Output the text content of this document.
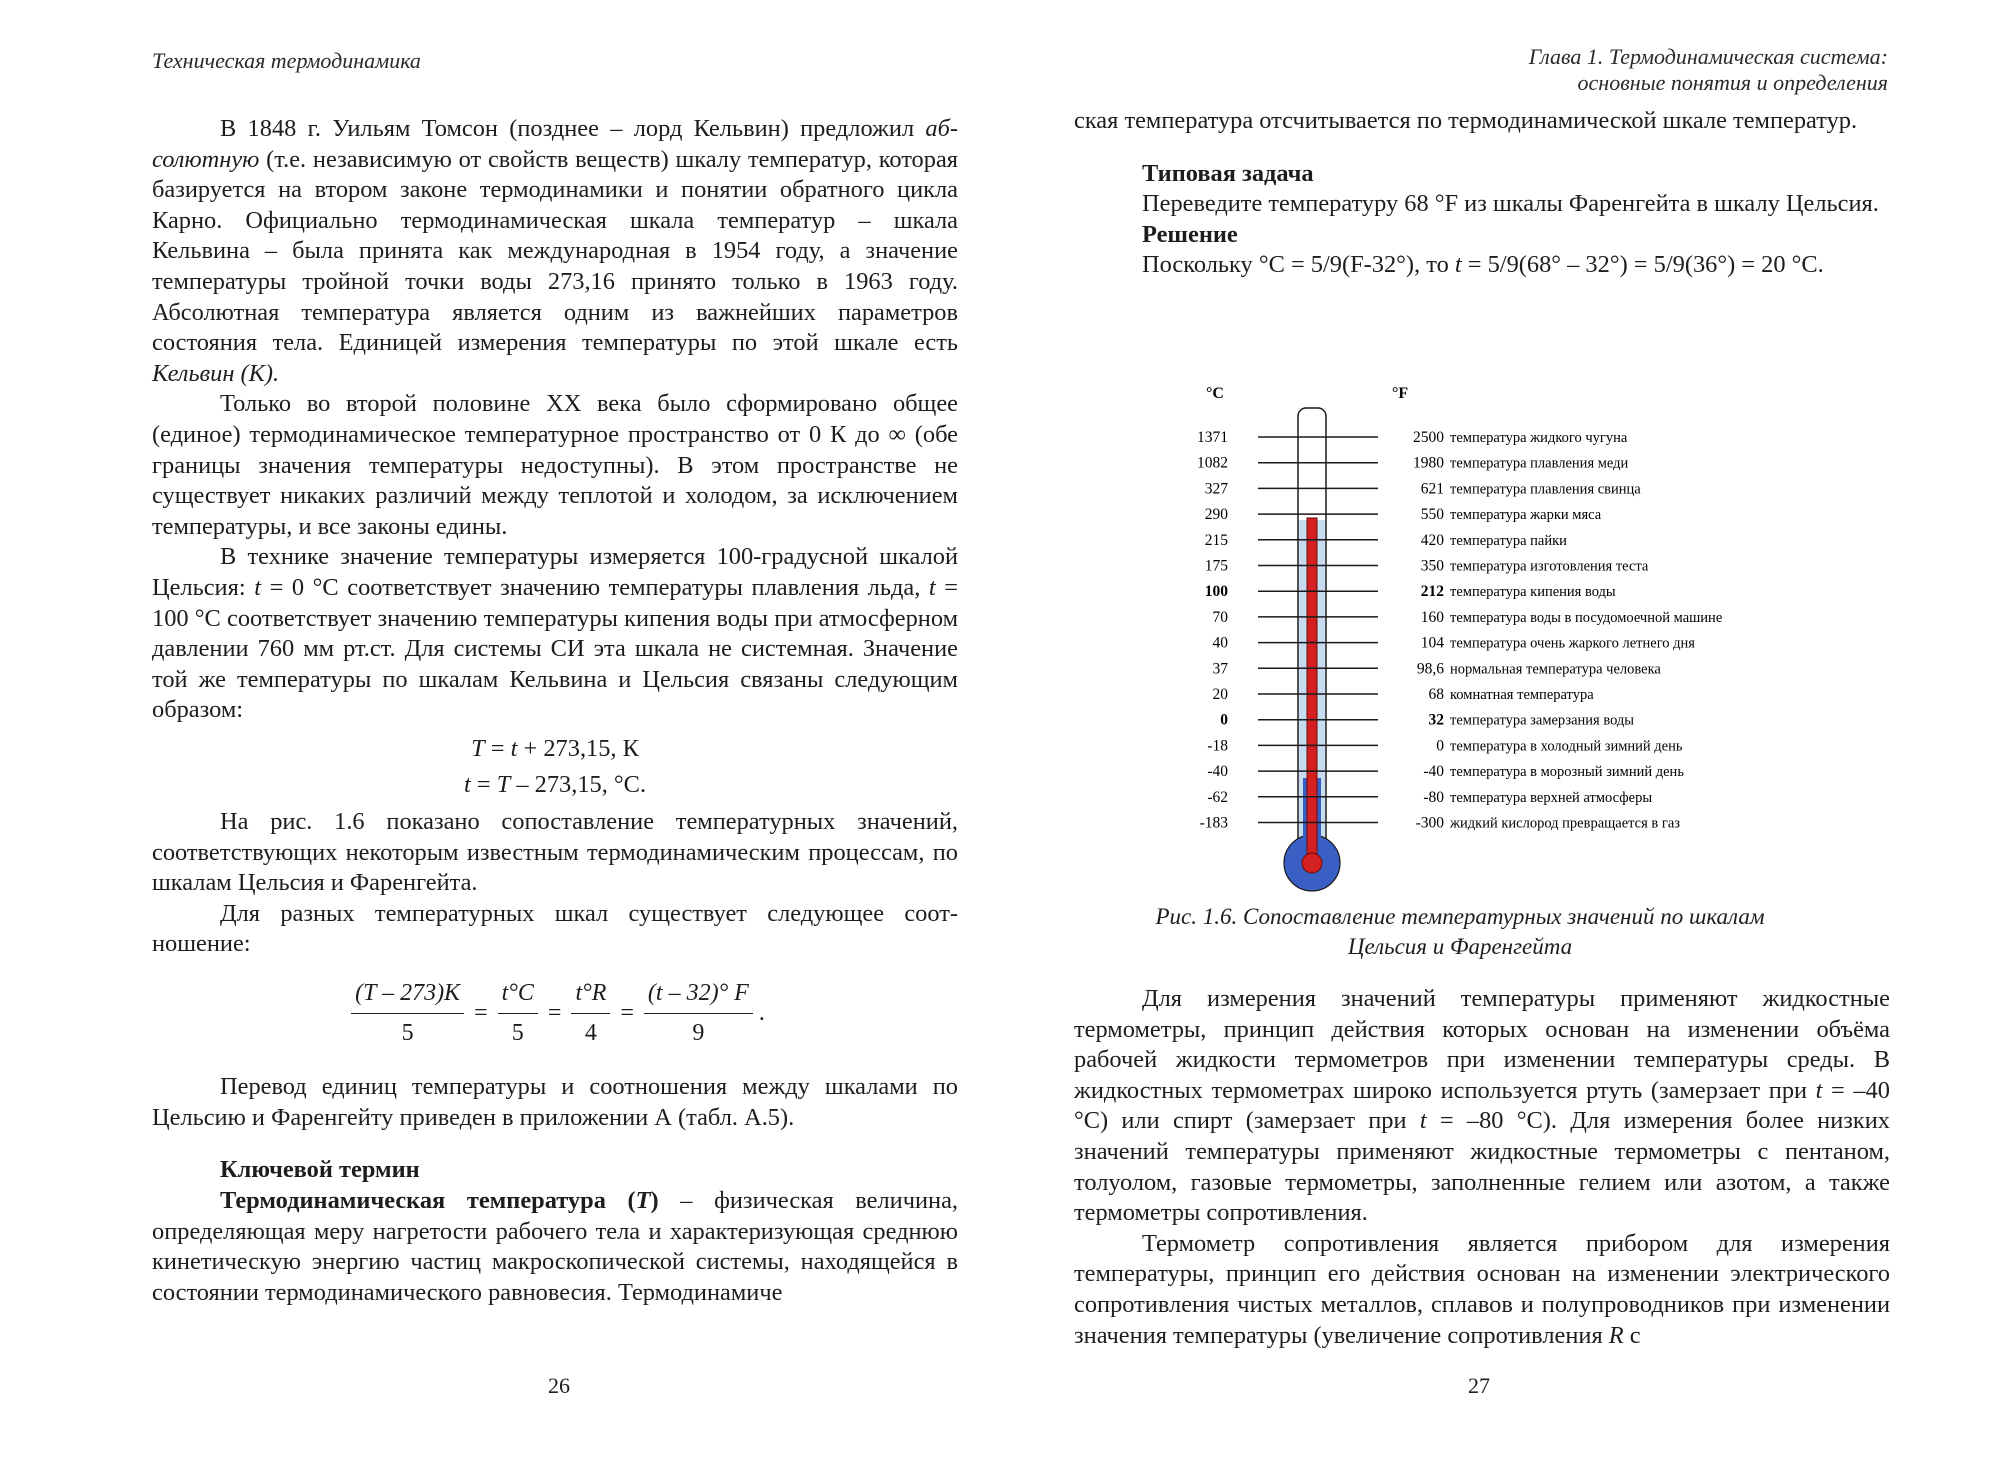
Техническая термодинамика

В 1848 г. Уильям Томсон (позднее – лорд Кельвин) предложил абсолютную (т.е. независимую от свойств веществ) шкалу температур, которая базируется на втором законе термодинамики и понятии обратного цикла Карно. Официально термодинамическая шкала температур – шкала Кельвина – была принята как международная в 1954 году, а значение температуры тройной точки воды 273,16 принято только в 1963 году. Абсолютная температура является одним из важнейших параметров состояния тела. Единицей измерения температуры по этой шкале есть Кельвин (К).

Только во второй половине XX века было сформировано общее (единое) термодинамическое температурное пространство от 0 К до ∞ (обе границы значения температуры недоступны). В этом пространстве не существует никаких различий между теплотой и холодом, за исключением температуры, и все законы едины.

В технике значение температуры измеряется 100-градусной шкалой Цельсия: t = 0 °С соответствует значению температуры плавления льда, t = 100 °С соответствует значению температуры кипения воды при атмосферном давлении 760 мм рт.ст. Для системы СИ эта шкала не системная. Значение той же температуры по шкалам Кельвина и Цельсия связаны следующим образом:

T = t + 273,15, К
t = T – 273,15, °С.

На рис. 1.6 показано сопоставление температурных значений, соответствующих некоторым известным термодинамическим процессам, по шкалам Цельсия и Фаренгейта.

Для разных температурных шкал существует следующее соотношение:

$\frac{(T - 273)K}{5} = \frac{t^\circ C}{5} = \frac{t^\circ R}{4} = \frac{(t - 32)^\circ F}{9}$ .

Перевод единиц температуры и соотношения между шкалами по Цельсию и Фаренгейту приведен в приложении А (табл. А.5).

Ключевой термин

Термодинамическая температура (T) – физическая величина, определяющая меру нагретости рабочего тела и характеризующая среднюю кинетическую энергию частиц макроскопической системы, находящейся в состоянии термодинамического равновесия. Термодинамиче

26
Глава 1. Термодинамическая система:
основные понятия и определения

ская температура отсчитывается по термодинамической шкале температур.

Типовая задача

Переведите температуру 68 °F из шкалы Фаренгейта в шкалу Цельсия.

Решение

Поскольку °С = 5/9(F-32°), то t = 5/9(68° – 32°) = 5/9(36°) = 20 °С.

Для измерения значений температуры применяют жидкостные термометры, принцип действия которых основан на изменении объёма рабочей жидкости термометров при изменении температуры среды. В жидкостных термометрах широко используется ртуть (замерзает при t = –40 °С) или спирт (замерзает при t = –80 °С). Для измерения более низких значений температуры применяют жидкостные термометры с пентаном, толуолом, газовые термометры, заполненные гелием или азотом, а также термометры сопротивления.

Термометр сопротивления является прибором для измерения температуры, принцип его действия основан на изменении электрического сопротивления чистых металлов, сплавов и полупроводников при изменении значения температуры (увеличение сопротивления R с

27
°С	°F
1371	2500 температура жидкого чугуна
1082	1980 температура плавления меди
327	621 температура плавления свинца
290	550 температура жарки мяса
215	420 температура пайки
175	350 температура изготовления теста
100	212 температура кипения воды
70	160 температура воды в посудомоечной машине
40	104 температура очень жаркого летнего дня
37	98,6 нормальная температура человека
20	68 комнатная температура
0	32 температура замерзания воды
-18	0 температура в холодный зимний день
-40	-40 температура в морозный зимний день
-62	-80 температура верхней атмосферы
-183	-300 жидкий кислород превращается в газ
Рис. 1.6. Сопоставление температурных значений по шкалам
Цельсия и Фаренгейта
